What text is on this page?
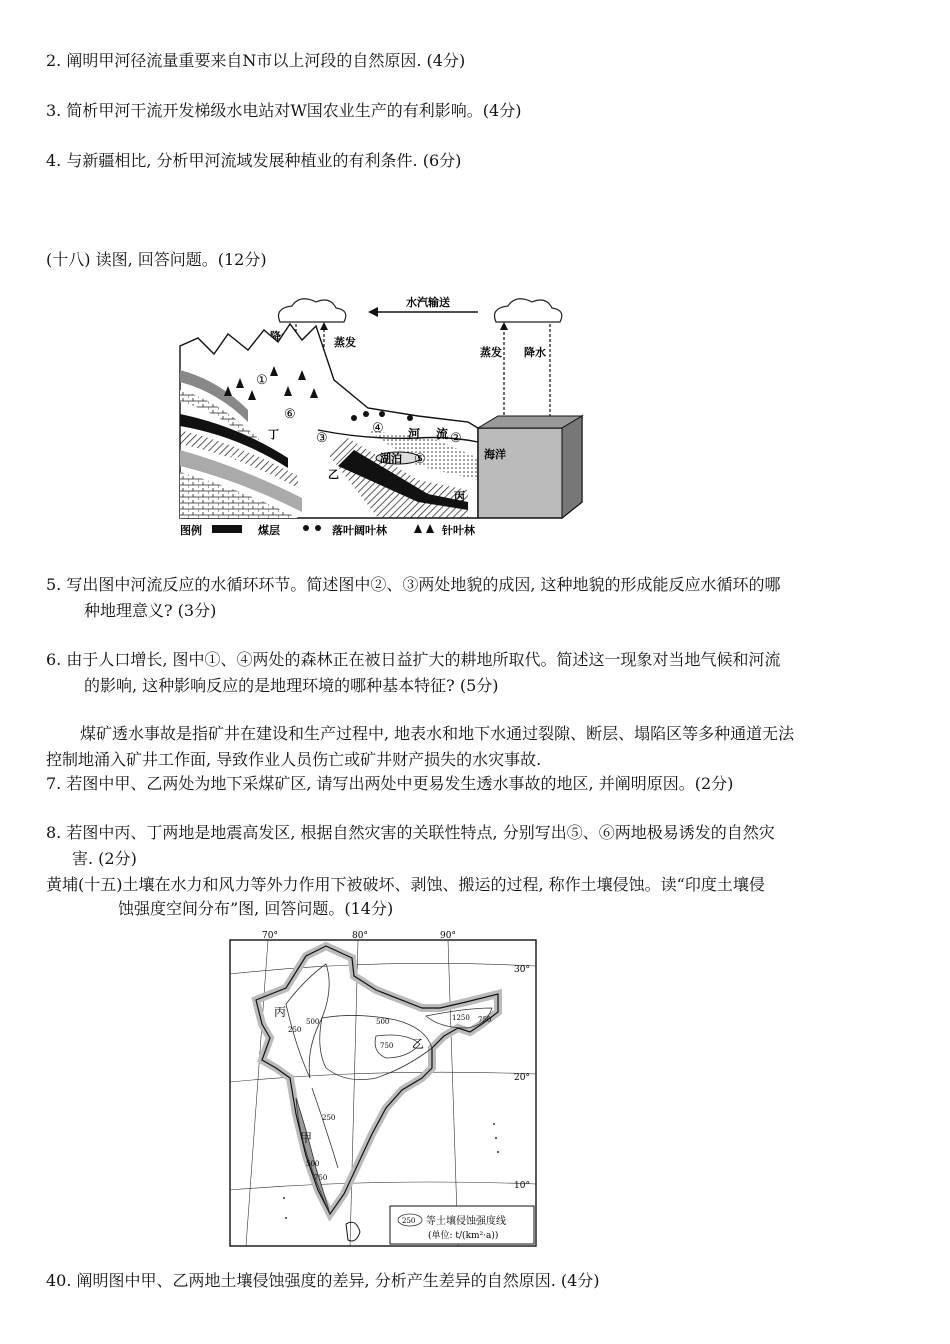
2. 阐明甲河径流量重要来自N市以上河段的自然原因. (4分)
3. 简析甲河干流开发梯级水电站对W国农业生产的有利影响。(4分)
4. 与新疆相比, 分析甲河流域发展种植业的有利条件. (6分)
(十八) 读图, 回答问题。(12分)
水汽输送
蒸发
蒸发 降水
①
②
③
④
⑤
⑥
河 流
湖泊	海洋
甲
乙
丙
丁
图例	煤层	落叶阔叶林	针叶林
5. 写出图中河流反应的水循环环节。简述图中②、③两处地貌的成因, 这种地貌的形成能反应水循环的哪
种地理意义? (3分)
6. 由于人口增长, 图中①、④两处的森林正在被日益扩大的耕地所取代。简述这一现象对当地气候和河流
的影响, 这种影响反应的是地理环境的哪种基本特征? (5分)
煤矿透水事故是指矿井在建设和生产过程中, 地表水和地下水通过裂隙、断层、塌陷区等多种通道无法
控制地涌入矿井工作面, 导致作业人员伤亡或矿井财产损失的水灾事故.
7. 若图中甲、乙两处为地下采煤矿区, 请写出两处中更易发生透水事故的地区, 并阐明原因。(2分)
8. 若图中丙、丁两地是地震高发区, 根据自然灾害的关联性特点, 分别写出⑤、⑥两地极易诱发的自然灾
害. (2分)
黄埔(十五)土壤在水力和风力等外力作用下被破坏、剥蚀、搬运的过程, 称作土壤侵蚀。读“印度土壤侵
蚀强度空间分布”图, 回答问题。(14分)
70°	80°	90°
30°
20°
10°
丙
乙
甲
250
500	500
750
1250 750
250
500
750
250 等土壤侵蚀强度线
(单位: t/(km²·a))
40. 阐明图中甲、乙两地土壤侵蚀强度的差异, 分析产生差异的自然原因. (4分)
